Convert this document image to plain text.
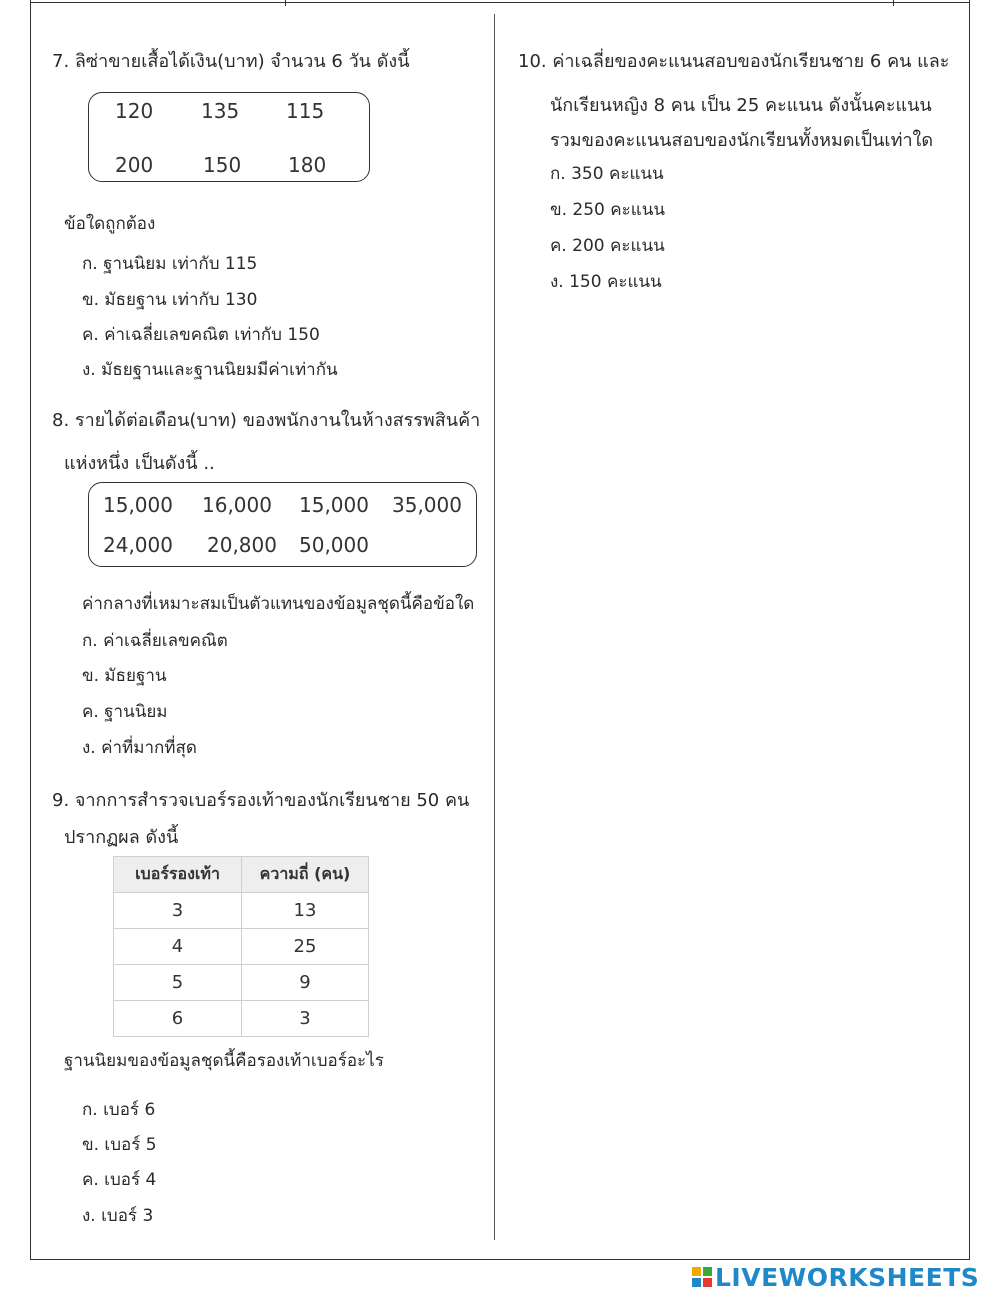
7. ลิซ่าขายเสื้อได้เงิน(บาท) จำนวน 6 วัน ดังนี้
120 135 115
200 150 180
ข้อใดถูกต้อง
ก. ฐานนิยม เท่ากับ 115
ข. มัธยฐาน เท่ากับ 130
ค. ค่าเฉลี่ยเลขคณิต เท่ากับ 150
ง. มัธยฐานและฐานนิยมมีค่าเท่ากัน
8. รายได้ต่อเดือน(บาท) ของพนักงานในห้างสรรพสินค้า
แห่งหนึ่ง เป็นดังนี้ ..
15,000 16,000 15,000 35,000
24,000 20,800 50,000
ค่ากลางที่เหมาะสมเป็นตัวแทนของข้อมูลชุดนี้คือข้อใด
ก. ค่าเฉลี่ยเลขคณิต
ข. มัธยฐาน
ค. ฐานนิยม
ง. ค่าที่มากที่สุด
9. จากการสำรวจเบอร์รองเท้าของนักเรียนชาย 50 คน
ปรากฏผล ดังนี้
เบอร์รองเท้า	ความถี่ (คน)
3	13
4	25
5	9
6	3
ฐานนิยมของข้อมูลชุดนี้คือรองเท้าเบอร์อะไร
ก. เบอร์ 6
ข. เบอร์ 5
ค. เบอร์ 4
ง. เบอร์ 3
10. ค่าเฉลี่ยของคะแนนสอบของนักเรียนชาย 6 คน และ
นักเรียนหญิง 8 คน เป็น 25 คะแนน ดังนั้นคะแนน
รวมของคะแนนสอบของนักเรียนทั้งหมดเป็นเท่าใด
ก. 350 คะแนน
ข. 250 คะแนน
ค. 200 คะแนน
ง. 150 คะแนน
LIVEWORKSHEETS
